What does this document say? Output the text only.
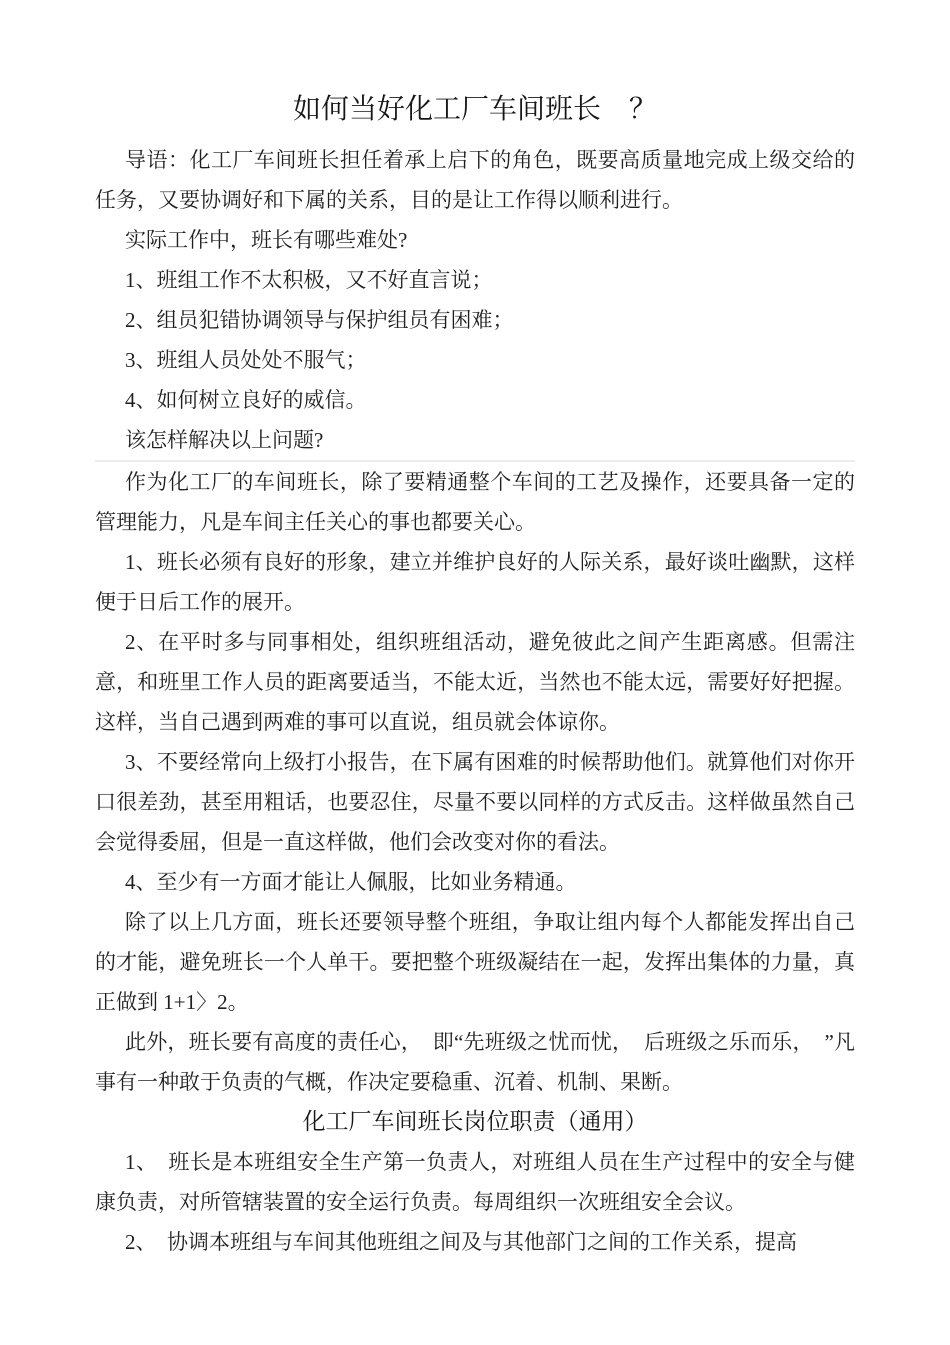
如何当好化工厂车间班长　？

导语：化工厂车间班长担任着承上启下的角色，既要高质量地完成上级交给的任务，又要协调好和下属的关系，目的是让工作得以顺利进行。

实际工作中，班长有哪些难处?

1、班组工作不太积极，又不好直言说；

2、组员犯错协调领导与保护组员有困难；

3、班组人员处处不服气；

4、如何树立良好的威信。

该怎样解决以上问题?

作为化工厂的车间班长，除了要精通整个车间的工艺及操作，还要具备一定的管理能力，凡是车间主任关心的事也都要关心。

1、班长必须有良好的形象，建立并维护良好的人际关系，最好谈吐幽默，这样便于日后工作的展开。

2、在平时多与同事相处，组织班组活动，避免彼此之间产生距离感。但需注意，和班里工作人员的距离要适当，不能太近，当然也不能太远，需要好好把握。这样，当自己遇到两难的事可以直说，组员就会体谅你。

3、不要经常向上级打小报告，在下属有困难的时候帮助他们。就算他们对你开口很差劲，甚至用粗话，也要忍住，尽量不要以同样的方式反击。这样做虽然自己会觉得委屈，但是一直这样做，他们会改变对你的看法。

4、至少有一方面才能让人佩服，比如业务精通。

除了以上几方面，班长还要领导整个班组，争取让组内每个人都能发挥出自己的才能，避免班长一个人单干。要把整个班级凝结在一起，发挥出集体的力量，真正做到 1+1〉2。

此外，班长要有高度的责任心，　即“先班级之忧而忧，　后班级之乐而乐，　”凡事有一种敢于负责的气概，作决定要稳重、沉着、机制、果断。

化工厂车间班长岗位职责（通用）

1、　班长是本班组安全生产第一负责人，对班组人员在生产过程中的安全与健康负责，对所管辖装置的安全运行负责。每周组织一次班组安全会议。

2、　协调本班组与车间其他班组之间及与其他部门之间的工作关系，提高
